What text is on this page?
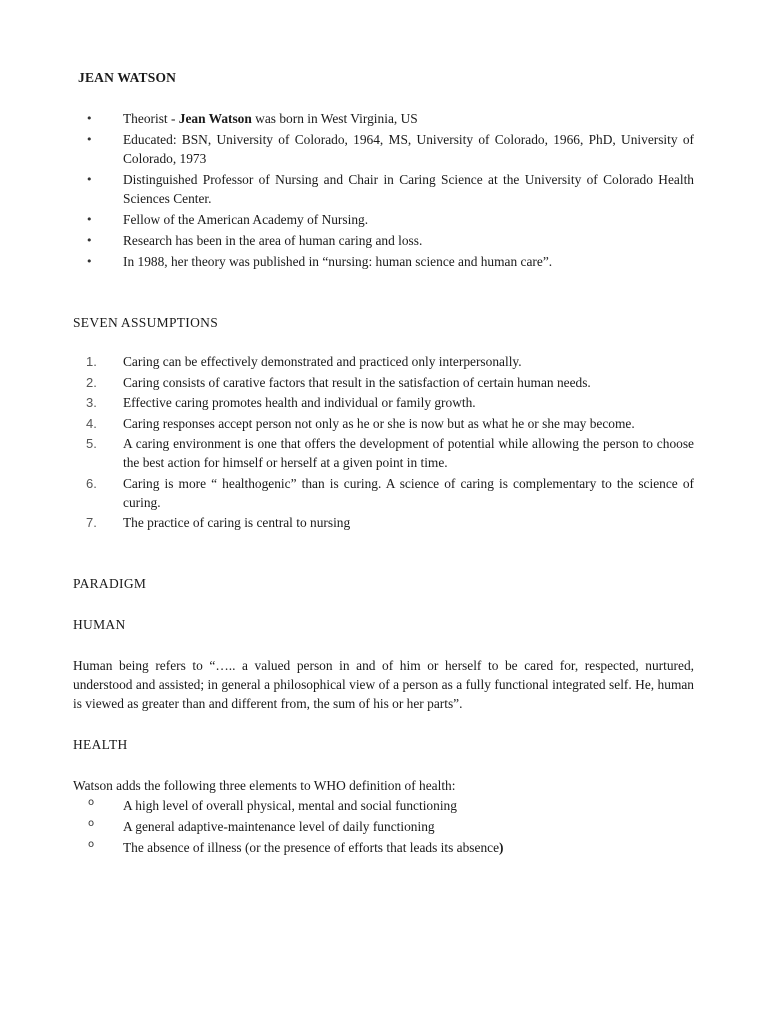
JEAN WATSON
• Theorist - Jean Watson was born in West Virginia, US
• Educated: BSN, University of Colorado, 1964, MS, University of Colorado, 1966, PhD, University of Colorado, 1973
• Distinguished Professor of Nursing and Chair in Caring Science at the University of Colorado Health Sciences Center.
• Fellow of the American Academy of Nursing.
• Research has been in the area of human caring and loss.
• In 1988, her theory was published in “nursing: human science and human care”.
SEVEN ASSUMPTIONS
1. Caring can be effectively demonstrated and practiced only interpersonally.
2. Caring consists of carative factors that result in the satisfaction of certain human needs.
3. Effective caring promotes health and individual or family growth.
4. Caring responses accept person not only as he or she is now but as what he or she may become.
5. A caring environment is one that offers the development of potential while allowing the person to choose the best action for himself or herself at a given point in time.
6. Caring is more “ healthogenic” than is curing. A science of caring is complementary to the science of curing.
7. The practice of caring is central to nursing
PARADIGM
HUMAN
Human being refers to “….. a valued person in and of him or herself to be cared for, respected, nurtured, understood and assisted; in general a philosophical view of a person as a fully functional integrated self. He, human is viewed as greater than and different from, the sum of his or her parts”.
HEALTH
Watson adds the following three elements to WHO definition of health:
o A high level of overall physical, mental and social functioning
o A general adaptive-maintenance level of daily functioning
o The absence of illness (or the presence of efforts that leads its absence)
